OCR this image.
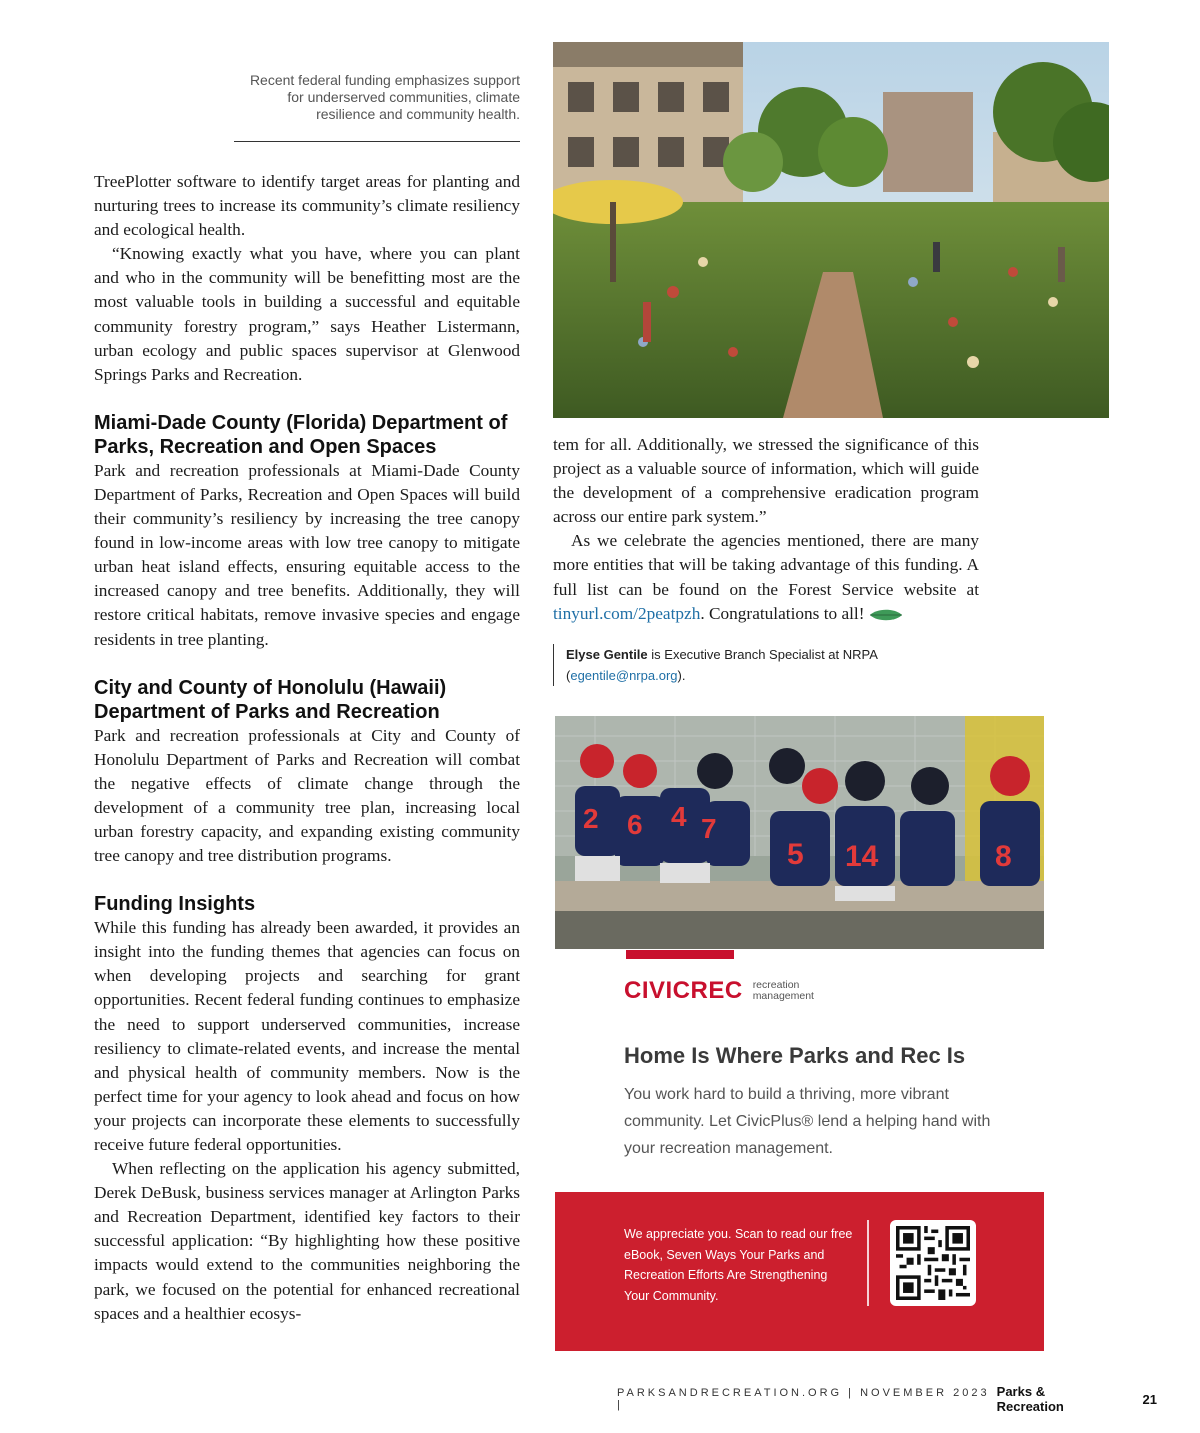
Recent federal funding emphasizes support for underserved communities, climate resilience and community health.

TreePlotter software to identify target areas for planting and nurturing trees to increase its community’s climate resiliency and ecological health.

“Knowing exactly what you have, where you can plant and who in the community will be benefitting most are the most valuable tools in building a successful and equitable community forestry program,” says Heather Listermann, urban ecology and public spaces supervisor at Glenwood Springs Parks and Recreation.

Miami-Dade County (Florida) Department of Parks, Recreation and Open Spaces

Park and recreation professionals at Miami-Dade County Department of Parks, Recreation and Open Spaces will build their community’s resiliency by increasing the tree canopy found in low-income areas with low tree canopy to mitigate urban heat island effects, ensuring equitable access to the increased canopy and tree benefits. Additionally, they will restore critical habitats, remove invasive species and engage residents in tree planting.

City and County of Honolulu (Hawaii) Department of Parks and Recreation

Park and recreation professionals at City and County of Honolulu Department of Parks and Recreation will combat the negative effects of climate change through the development of a community tree plan, increasing local urban forestry capacity, and expanding existing community tree canopy and tree distribution programs.

Funding Insights

While this funding has already been awarded, it provides an insight into the funding themes that agencies can focus on when developing projects and searching for grant opportunities. Recent federal funding continues to emphasize the need to support underserved communities, increase resiliency to climate-related events, and increase the mental and physical health of community members. Now is the perfect time for your agency to look ahead and focus on how your projects can incorporate these elements to successfully receive future federal opportunities.

When reflecting on the application his agency submitted, Derek DeBusk, business services manager at Arlington Parks and Recreation Department, identified key factors to their successful application: “By highlighting how these positive impacts would extend to the communities neighboring the park, we focused on the potential for enhanced recreational spaces and a healthier ecosys-

tem for all. Additionally, we stressed the significance of this project as a valuable source of information, which will guide the development of a comprehensive eradication program across our entire park system.”

As we celebrate the agencies mentioned, there are many more entities that will be taking advantage of this funding. A full list can be found on the Forest Service website at tinyurl.com/2peatpzh. Congratulations to all!

Elyse Gentile is Executive Branch Specialist at NRPA (egentile@nrpa.org).
2 6 4 7
5 14	8
CIVICREC recreation
management
Home Is Where Parks and Rec Is
You work hard to build a thriving, more vibrant community. Let CivicPlus® lend a helping hand with your recreation management.
We appreciate you. Scan to read our free eBook, Seven Ways Your Parks and Recreation Efforts Are Strengthening Your Community.
PARKSANDRECREATION.ORG | NOVEMBER 2023 |
Parks & Recreation	21
